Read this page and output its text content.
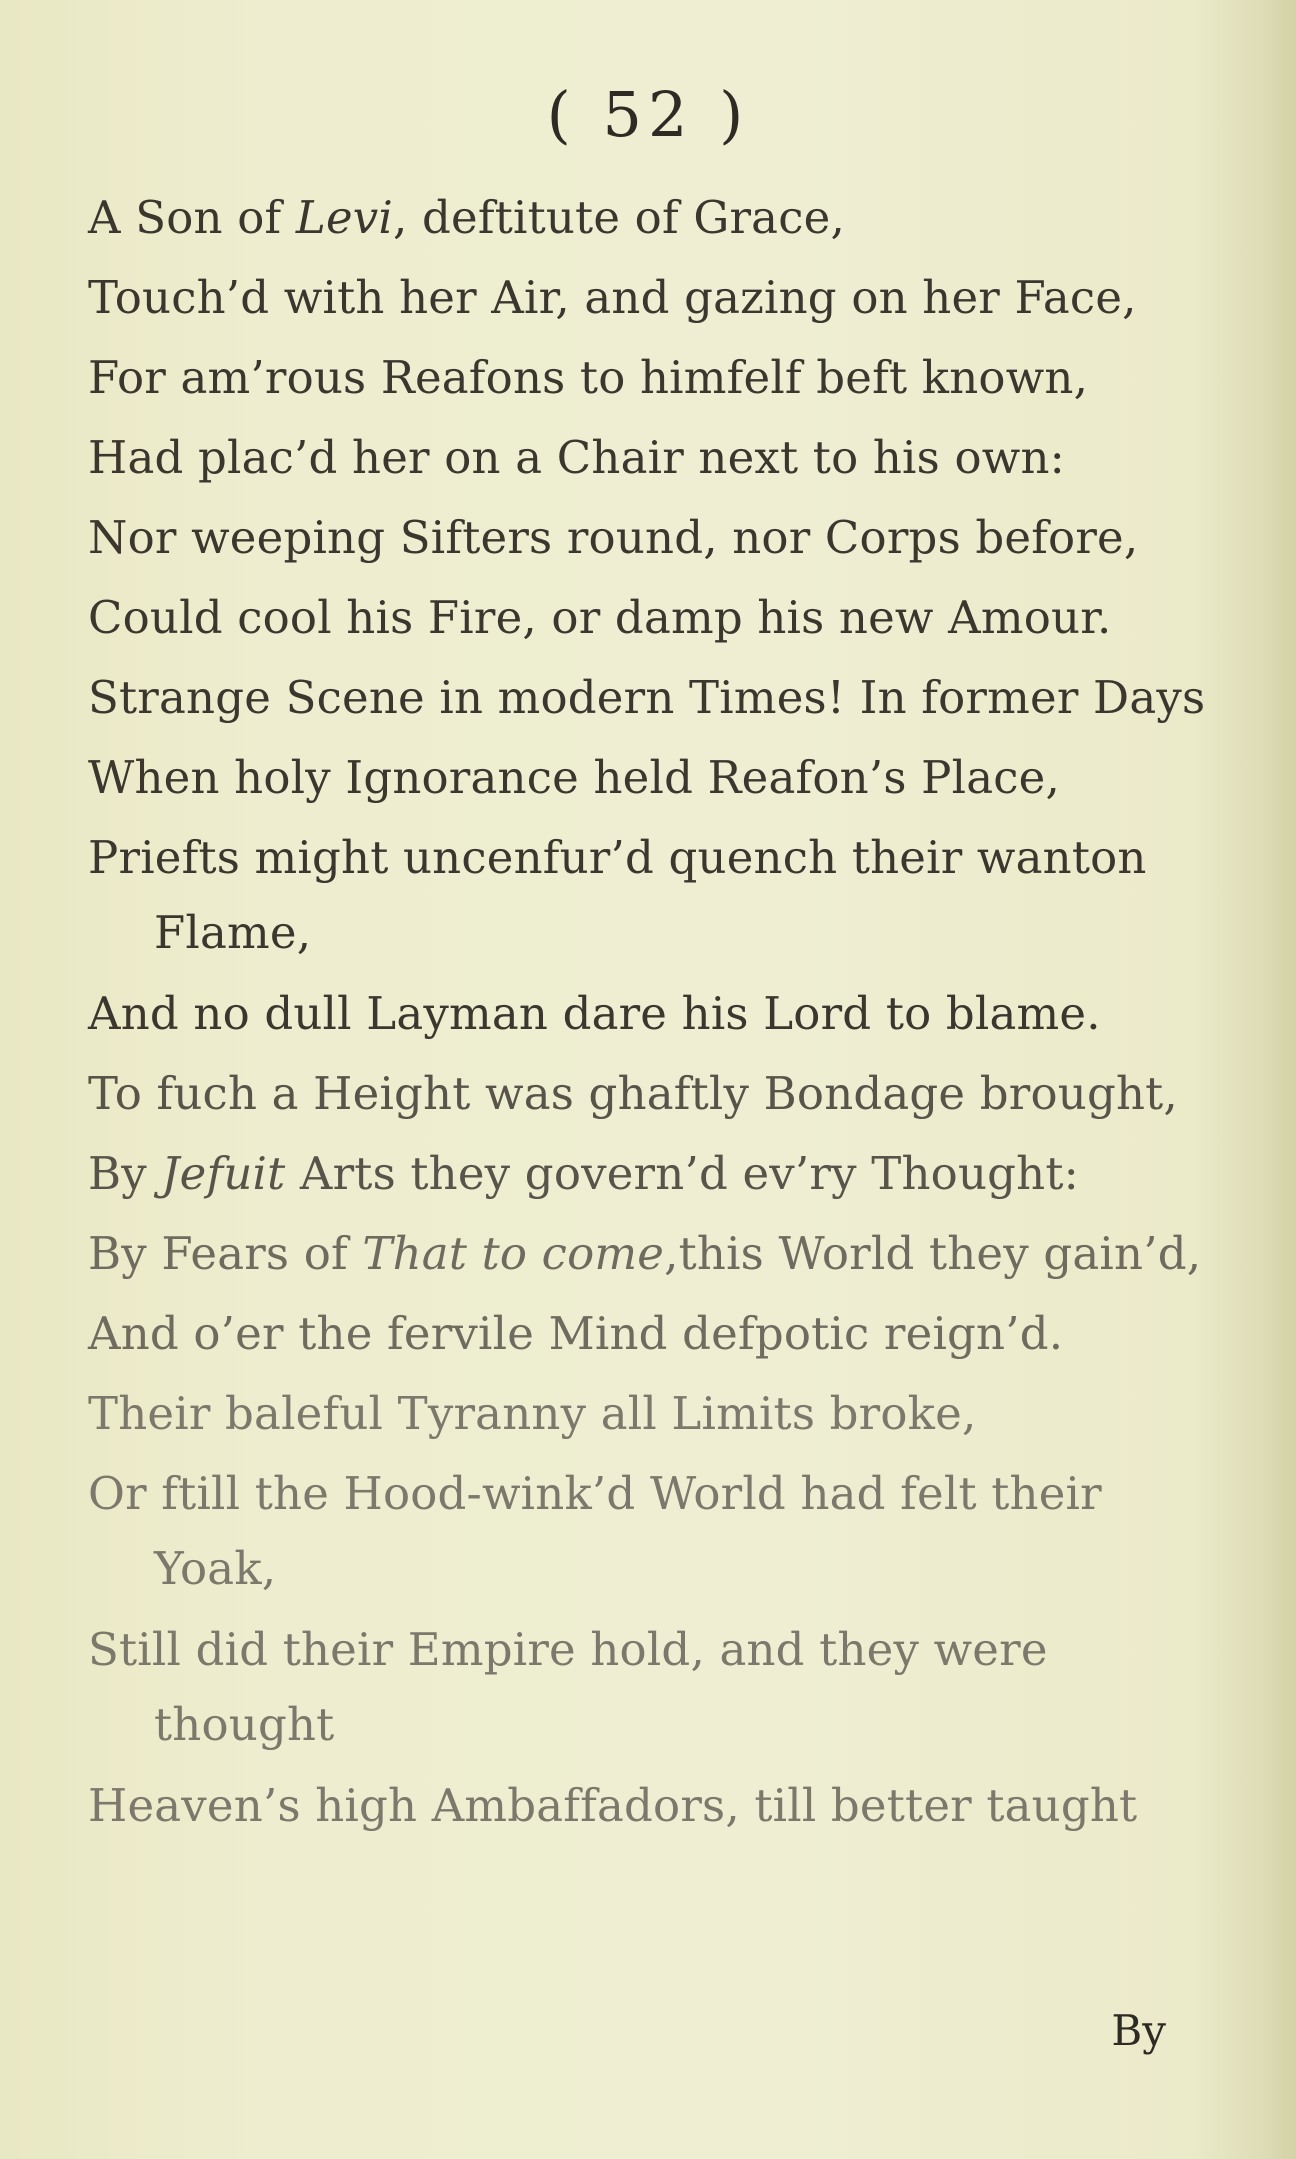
( 52 )
A Son of Levi, deftitute of Grace,
Touch’d with her Air, and gazing on her Face,
For am’rous Reafons to himfelf beft known,
Had plac’d her on a Chair next to his own:
Nor weeping Sifters round, nor Corps before,
Could cool his Fire, or damp his new Amour.
Strange Scene in modern Times! In former Days
When holy Ignorance held Reafon’s Place,
Priefts might uncenfur’d quench their wanton
Flame,
And no dull Layman dare his Lord to blame.
To fuch a Height was ghaftly Bondage brought,
By Jefuit Arts they govern’d ev’ry Thought:
By Fears of That to come,this World they gain’d,
And o’er the fervile Mind defpotic reign’d.
Their baleful Tyranny all Limits broke,
Or ftill the Hood-wink’d World had felt their
Yoak,
Still did their Empire hold, and they were
thought
Heaven’s high Ambaffadors, till better taught
By
